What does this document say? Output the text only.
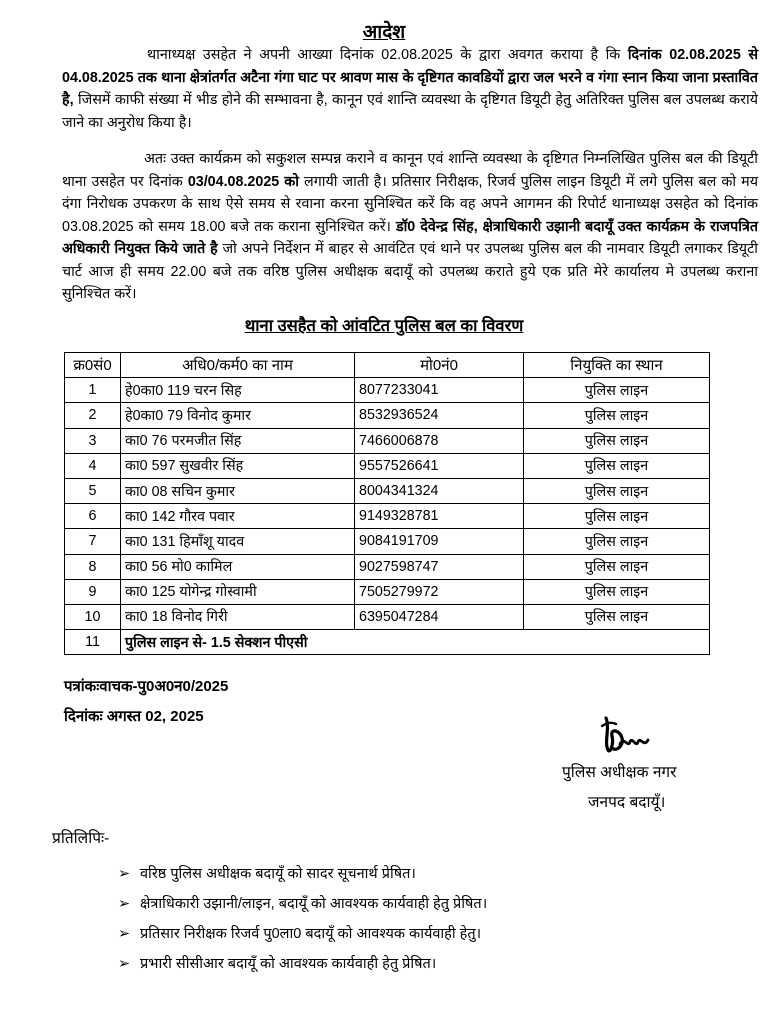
आदेश
थानाध्यक्ष उसहेत ने अपनी आख्या दिनांक 02.08.2025 के द्वारा अवगत कराया है कि दिनांक 02.08.2025 से 04.08.2025 तक थाना क्षेत्रांतर्गत अटैना गंगा घाट पर श्रावण मास के दृष्टिगत कावडियों द्वारा जल भरने व गंगा स्नान किया जाना प्रस्तावित है, जिसमें काफी संख्या में भीड होने की सम्भावना है, कानून एवं शान्ति व्यवस्था के दृष्टिगत डियूटी हेतु अतिरिक्त पुलिस बल उपलब्ध कराये जाने का अनुरोध किया है।
अतः उक्त कार्यक्रम को सकुशल सम्पन्न कराने व कानून एवं शान्ति व्यवस्था के दृष्टिगत निम्नलिखित पुलिस बल की डियूटी थाना उसहेत पर दिनांक 03/04.08.2025 को लगायी जाती है। प्रतिसार निरीक्षक, रिजर्व पुलिस लाइन डियूटी में लगे पुलिस बल को मय दंगा निरोधक उपकरण के साथ ऐसे समय से रवाना करना सुनिश्चित करें कि वह अपने आगमन की रिपोर्ट थानाध्यक्ष उसहेत को दिनांक 03.08.2025 को समय 18.00 बजे तक कराना सुनिश्चित करें। डॉ0 देवेन्द्र सिंह, क्षेत्राधिकारी उझानी बदायूँ उक्त कार्यक्रम के राजपत्रित अधिकारी नियुक्त किये जाते है जो अपने निर्देशन में बाहर से आवंटित एवं थाने पर उपलब्ध पुलिस बल की नामवार डियूटी लगाकर डियूटी चार्ट आज ही समय 22.00 बजे तक वरिष्ठ पुलिस अधीक्षक बदायूँ को उपलब्ध कराते हुये एक प्रति मेरे कार्यालय मे उपलब्ध कराना सुनिश्चित करें।
थाना उसहैत को आंवटित पुलिस बल का विवरण
क्र0सं0	अधि0/कर्म0 का नाम	मो0नं0	नियुक्ति का स्थान
1	हे0का0 119 चरन सिह	8077233041	पुलिस लाइन
2	हे0का0 79 विनोद कुमार	8532936524	पुलिस लाइन
3	का0 76 परमजीत सिंह	7466006878	पुलिस लाइन
4	का0 597 सुखवीर सिंह	9557526641	पुलिस लाइन
5	का0 08 सचिन कुमार	8004341324	पुलिस लाइन
6	का0 142 गौरव पवार	9149328781	पुलिस लाइन
7	का0 131 हिमाँशू यादव	9084191709	पुलिस लाइन
8	का0 56 मो0 कामिल	9027598747	पुलिस लाइन
9	का0 125 योगेन्द्र गोस्वामी	7505279972	पुलिस लाइन
10	का0 18 विनोद गिरी	6395047284	पुलिस लाइन
11	पुलिस लाइन से- 1.5 सेक्शन पीएसी		
पत्रांकःवाचक-पु0अ0न0/2025
दिनांकः अगस्त 02, 2025
पुलिस अधीक्षक नगर
जनपद बदायूँ।
प्रतिलिपिः-
➢ वरिष्ठ पुलिस अधीक्षक बदायूँ को सादर सूचनार्थ प्रेषित।
➢ क्षेत्राधिकारी उझानी/लाइन, बदायूँ को आवश्यक कार्यवाही हेतु प्रेषित।
➢ प्रतिसार निरीक्षक रिजर्व पु0ला0 बदायूँ को आवश्यक कार्यवाही हेतु।
➢ प्रभारी सीसीआर बदायूँ को आवश्यक कार्यवाही हेतु प्रेषित।
